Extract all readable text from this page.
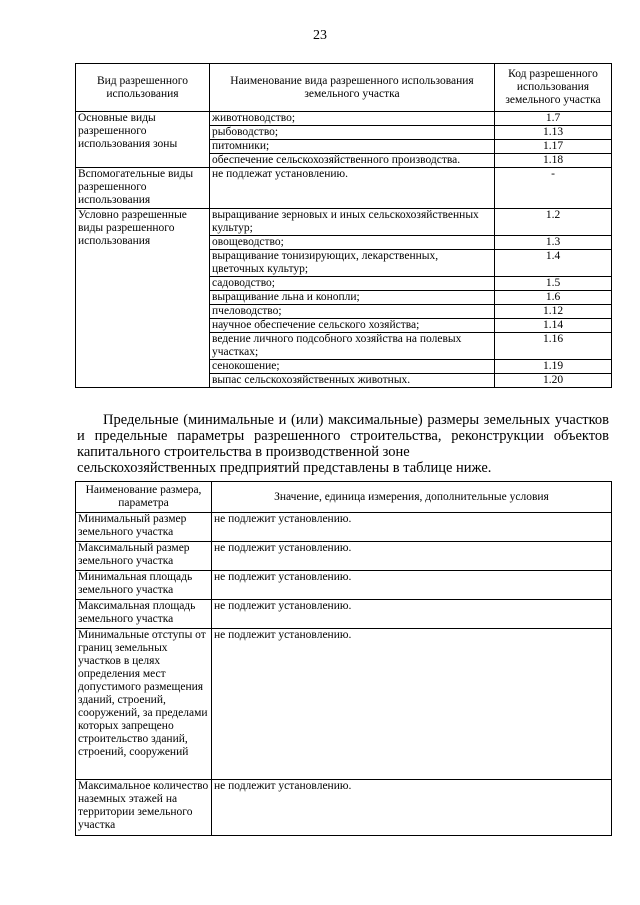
23
Вид разрешенного использования	Наименование вида разрешенного использования земельного участка	Код разрешенного использования земельного участка
Основные виды разрешенного использования зоны	животноводство;	1.7
	рыбоводство;	1.13
	питомники;	1.17
	обеспечение сельскохозяйственного производства.	1.18
Вспомогательные виды разрешенного использования	не подлежат установлению.	-
Условно разрешенные виды разрешенного использования	выращивание зерновых и иных сельскохозяйственных культур;	1.2
	овощеводство;	1.3
	выращивание тонизирующих, лекарственных, цветочных культур;	1.4
	садоводство;	1.5
	выращивание льна и конопли;	1.6
	пчеловодство;	1.12
	научное обеспечение сельского хозяйства;	1.14
	ведение личного подсобного хозяйства на полевых участках;	1.16
	сенокошение;	1.19
	выпас сельскохозяйственных животных.	1.20
Предельные (минимальные и (или) максимальные) размеры земельных участков и предельные параметры разрешенного строительства, реконструкции объектов капитального строительства в производственной зоне
сельскохозяйственных предприятий представлены в таблице ниже.
Наименование размера, параметра	Значение, единица измерения, дополнительные условия
Минимальный размер земельного участка	не подлежит установлению.
Максимальный размер земельного участка	не подлежит установлению.
Минимальная площадь земельного участка	не подлежит установлению.
Максимальная площадь земельного участка	не подлежит установлению.
Минимальные отступы от границ земельных участков в целях определения мест допустимого размещения зданий, строений, сооружений, за пределами которых запрещено строительство зданий, строений, сооружений	не подлежит установлению.
Максимальное количество наземных этажей на территории земельного участка	не подлежит установлению.
